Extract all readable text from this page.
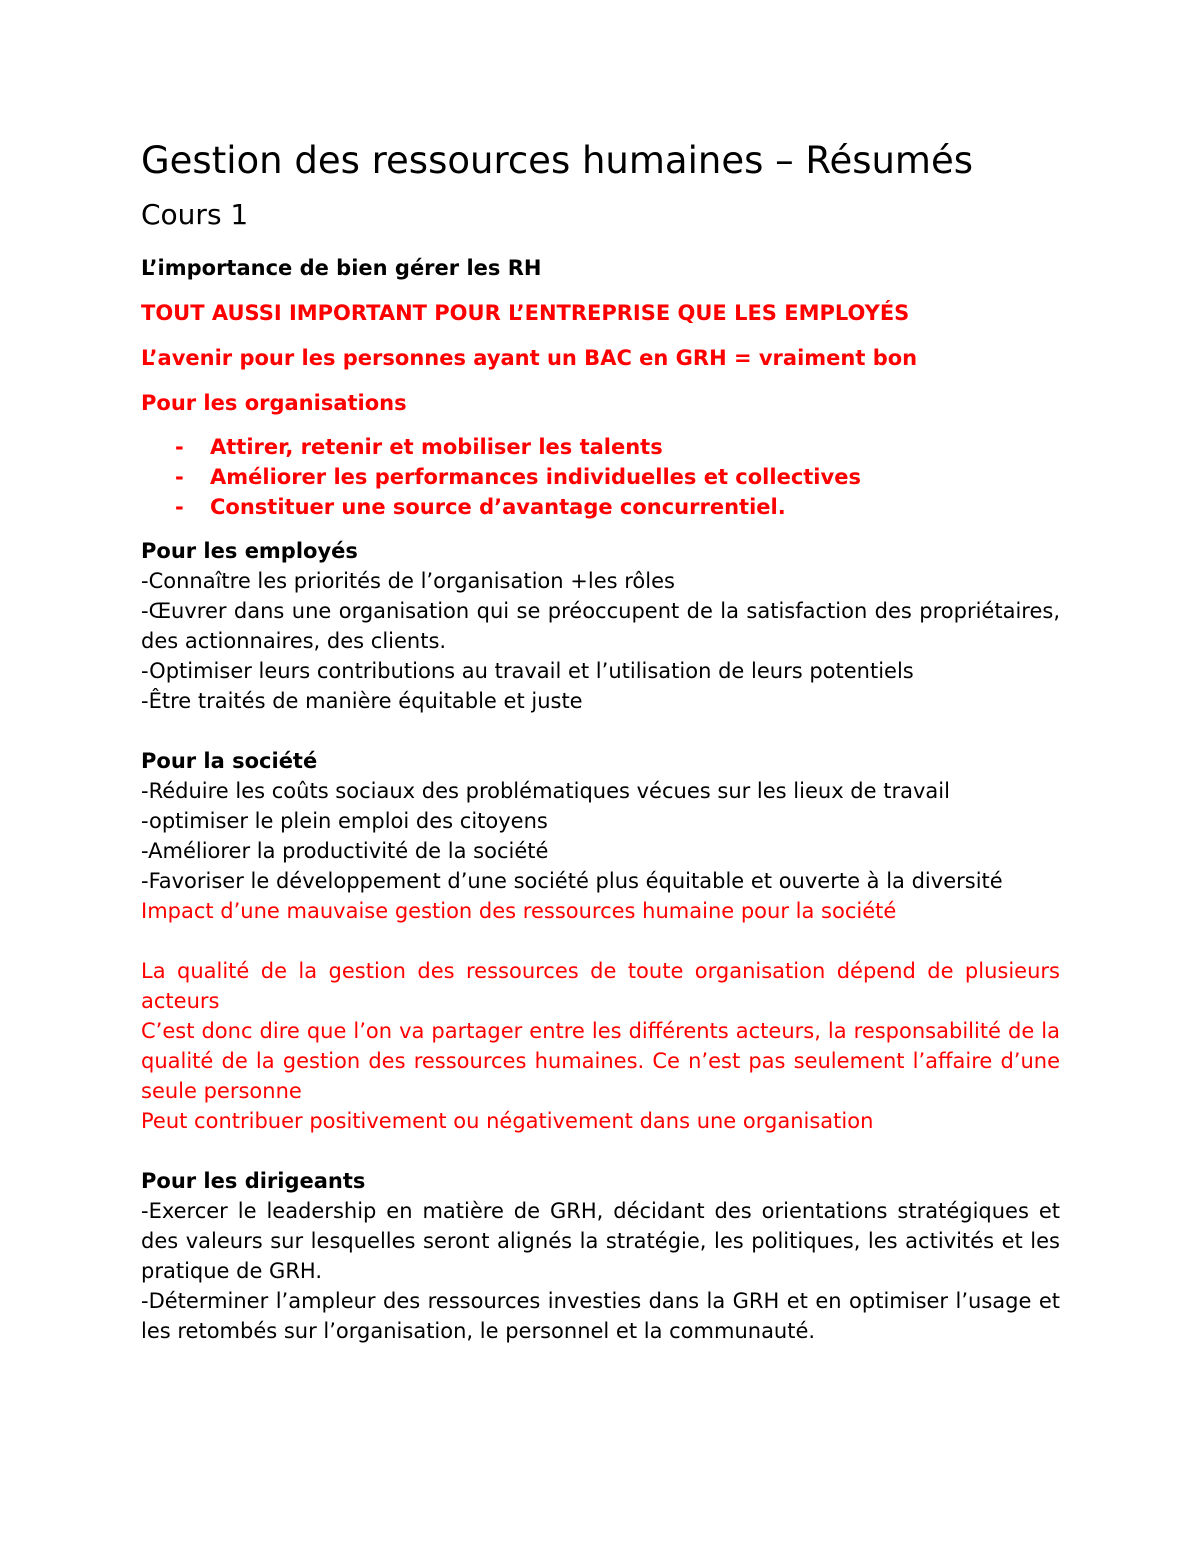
Gestion des ressources humaines – Résumés
Cours 1

L’importance de bien gérer les RH

TOUT AUSSI IMPORTANT POUR L’ENTREPRISE QUE LES EMPLOYÉS

L’avenir pour les personnes ayant un BAC en GRH = vraiment bon

Pour les organisations

- Attirer, retenir et mobiliser les talents
- Améliorer les performances individuelles et collectives
- Constituer une source d’avantage concurrentiel.

Pour les employés

-Connaître les priorités de l’organisation +les rôles

-Œuvrer dans une organisation qui se préoccupent de la satisfaction des propriétaires, des actionnaires, des clients.

-Optimiser leurs contributions au travail et l’utilisation de leurs potentiels

-Être traités de manière équitable et juste

Pour la société

-Réduire les coûts sociaux des problématiques vécues sur les lieux de travail

-optimiser le plein emploi des citoyens

-Améliorer la productivité de la société

-Favoriser le développement d’une société plus équitable et ouverte à la diversité

Impact d’une mauvaise gestion des ressources humaine pour la société

La qualité de la gestion des ressources de toute organisation dépend de plusieurs acteurs

C’est donc dire que l’on va partager entre les différents acteurs, la responsabilité de la qualité de la gestion des ressources humaines. Ce n’est pas seulement l’affaire d’une seule personne

Peut contribuer positivement ou négativement dans une organisation

Pour les dirigeants

-Exercer le leadership en matière de GRH, décidant des orientations stratégiques et des valeurs sur lesquelles seront alignés la stratégie, les politiques, les activités et les pratique de GRH.

-Déterminer l’ampleur des ressources investies dans la GRH et en optimiser l’usage et les retombés sur l’organisation, le personnel et la communauté.
